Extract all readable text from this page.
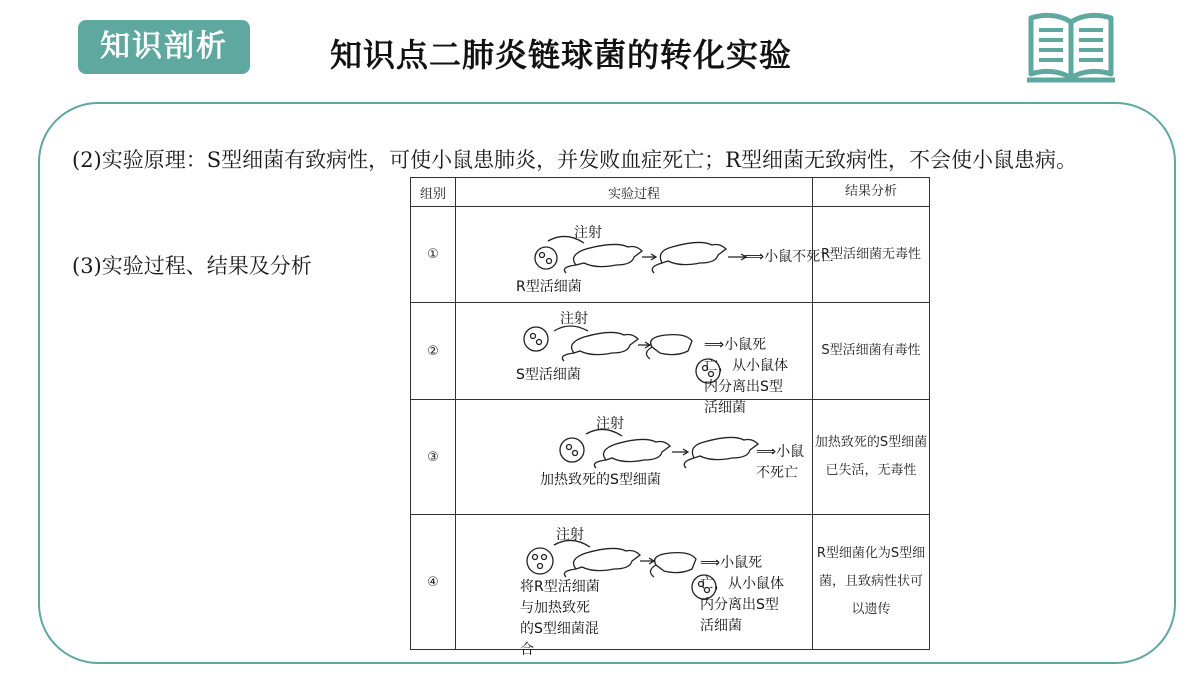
知识剖析	知识点二肺炎链球菌的转化实验
(2)实验原理：S型细菌有致病性，可使小鼠患肺炎，并发败血症死亡；R型细菌无致病性，不会使小鼠患病。
(3)实验过程、结果及分析
组别	实验过程	结果分析
①	注射
R型活细菌
⟹小鼠不死亡	R型活细菌无毒性
②	注射
S型活细菌
⟹小鼠死亡，从小鼠体内分离出S型活细菌	S型活细菌有毒性
③	注射
加热致死的S型细菌
⟹小鼠不死亡	加热致死的S型细菌已失活，无毒性
④	注射
将R型活细菌与加热致死的S型细菌混合
⟹小鼠死亡，从小鼠体内分离出S型活细菌	R型细菌化为S型细菌，且致病性状可以遗传
